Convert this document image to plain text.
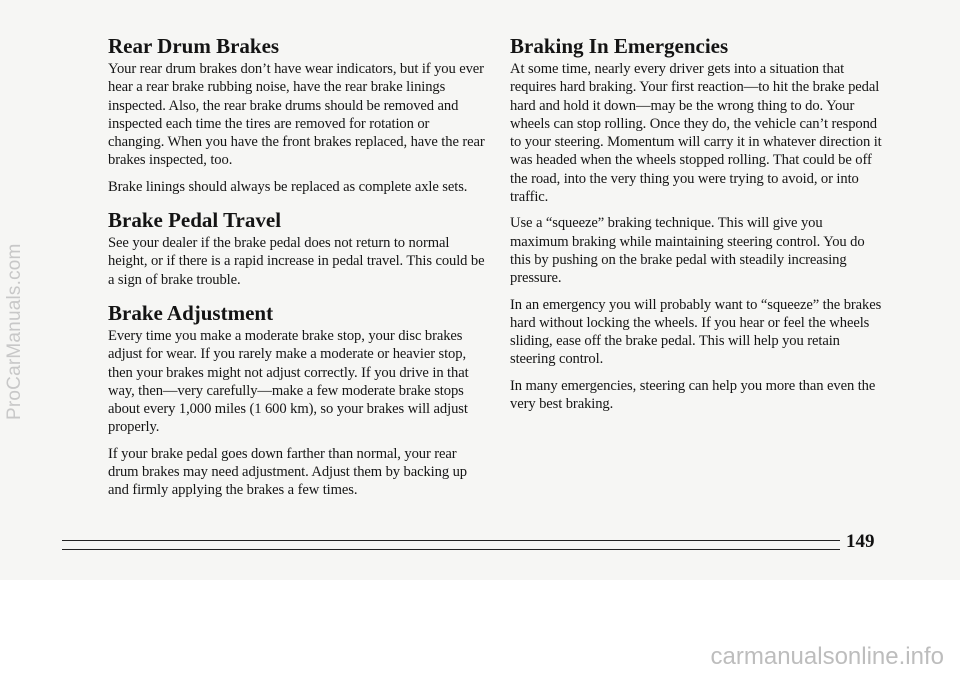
Rear Drum Brakes

Your rear drum brakes don’t have wear indicators, but if you ever hear a rear brake rubbing noise, have the rear brake linings inspected. Also, the rear brake drums should be removed and inspected each time the tires are removed for rotation or changing. When you have the front brakes replaced, have the rear brakes inspected, too.

Brake linings should always be replaced as complete axle sets.

Brake Pedal Travel

See your dealer if the brake pedal does not return to normal height, or if there is a rapid increase in pedal travel. This could be a sign of brake trouble.

Brake Adjustment

Every time you make a moderate brake stop, your disc brakes adjust for wear. If you rarely make a moderate or heavier stop, then your brakes might not adjust correctly. If you drive in that way, then—very carefully—make a few moderate brake stops about every 1,000 miles (1 600 km), so your brakes will adjust properly.

If your brake pedal goes down farther than normal, your rear drum brakes may need adjustment. Adjust them by backing up and firmly applying the brakes a few times.

Braking In Emergencies

At some time, nearly every driver gets into a situation that requires hard braking. Your first reaction—to hit the brake pedal hard and hold it down—may be the wrong thing to do. Your wheels can stop rolling. Once they do, the vehicle can’t respond to your steering. Momentum will carry it in whatever direction it was headed when the wheels stopped rolling. That could be off the road, into the very thing you were trying to avoid, or into traffic.

Use a “squeeze” braking technique. This will give you maximum braking while maintaining steering control. You do this by pushing on the brake pedal with steadily increasing pressure.

In an emergency you will probably want to “squeeze” the brakes hard without locking the wheels. If you hear or feel the wheels sliding, ease off the brake pedal. This will help you retain steering control.

In many emergencies, steering can help you more than even the very best braking.

149
ProCarManuals.com
carmanualsonline.info
